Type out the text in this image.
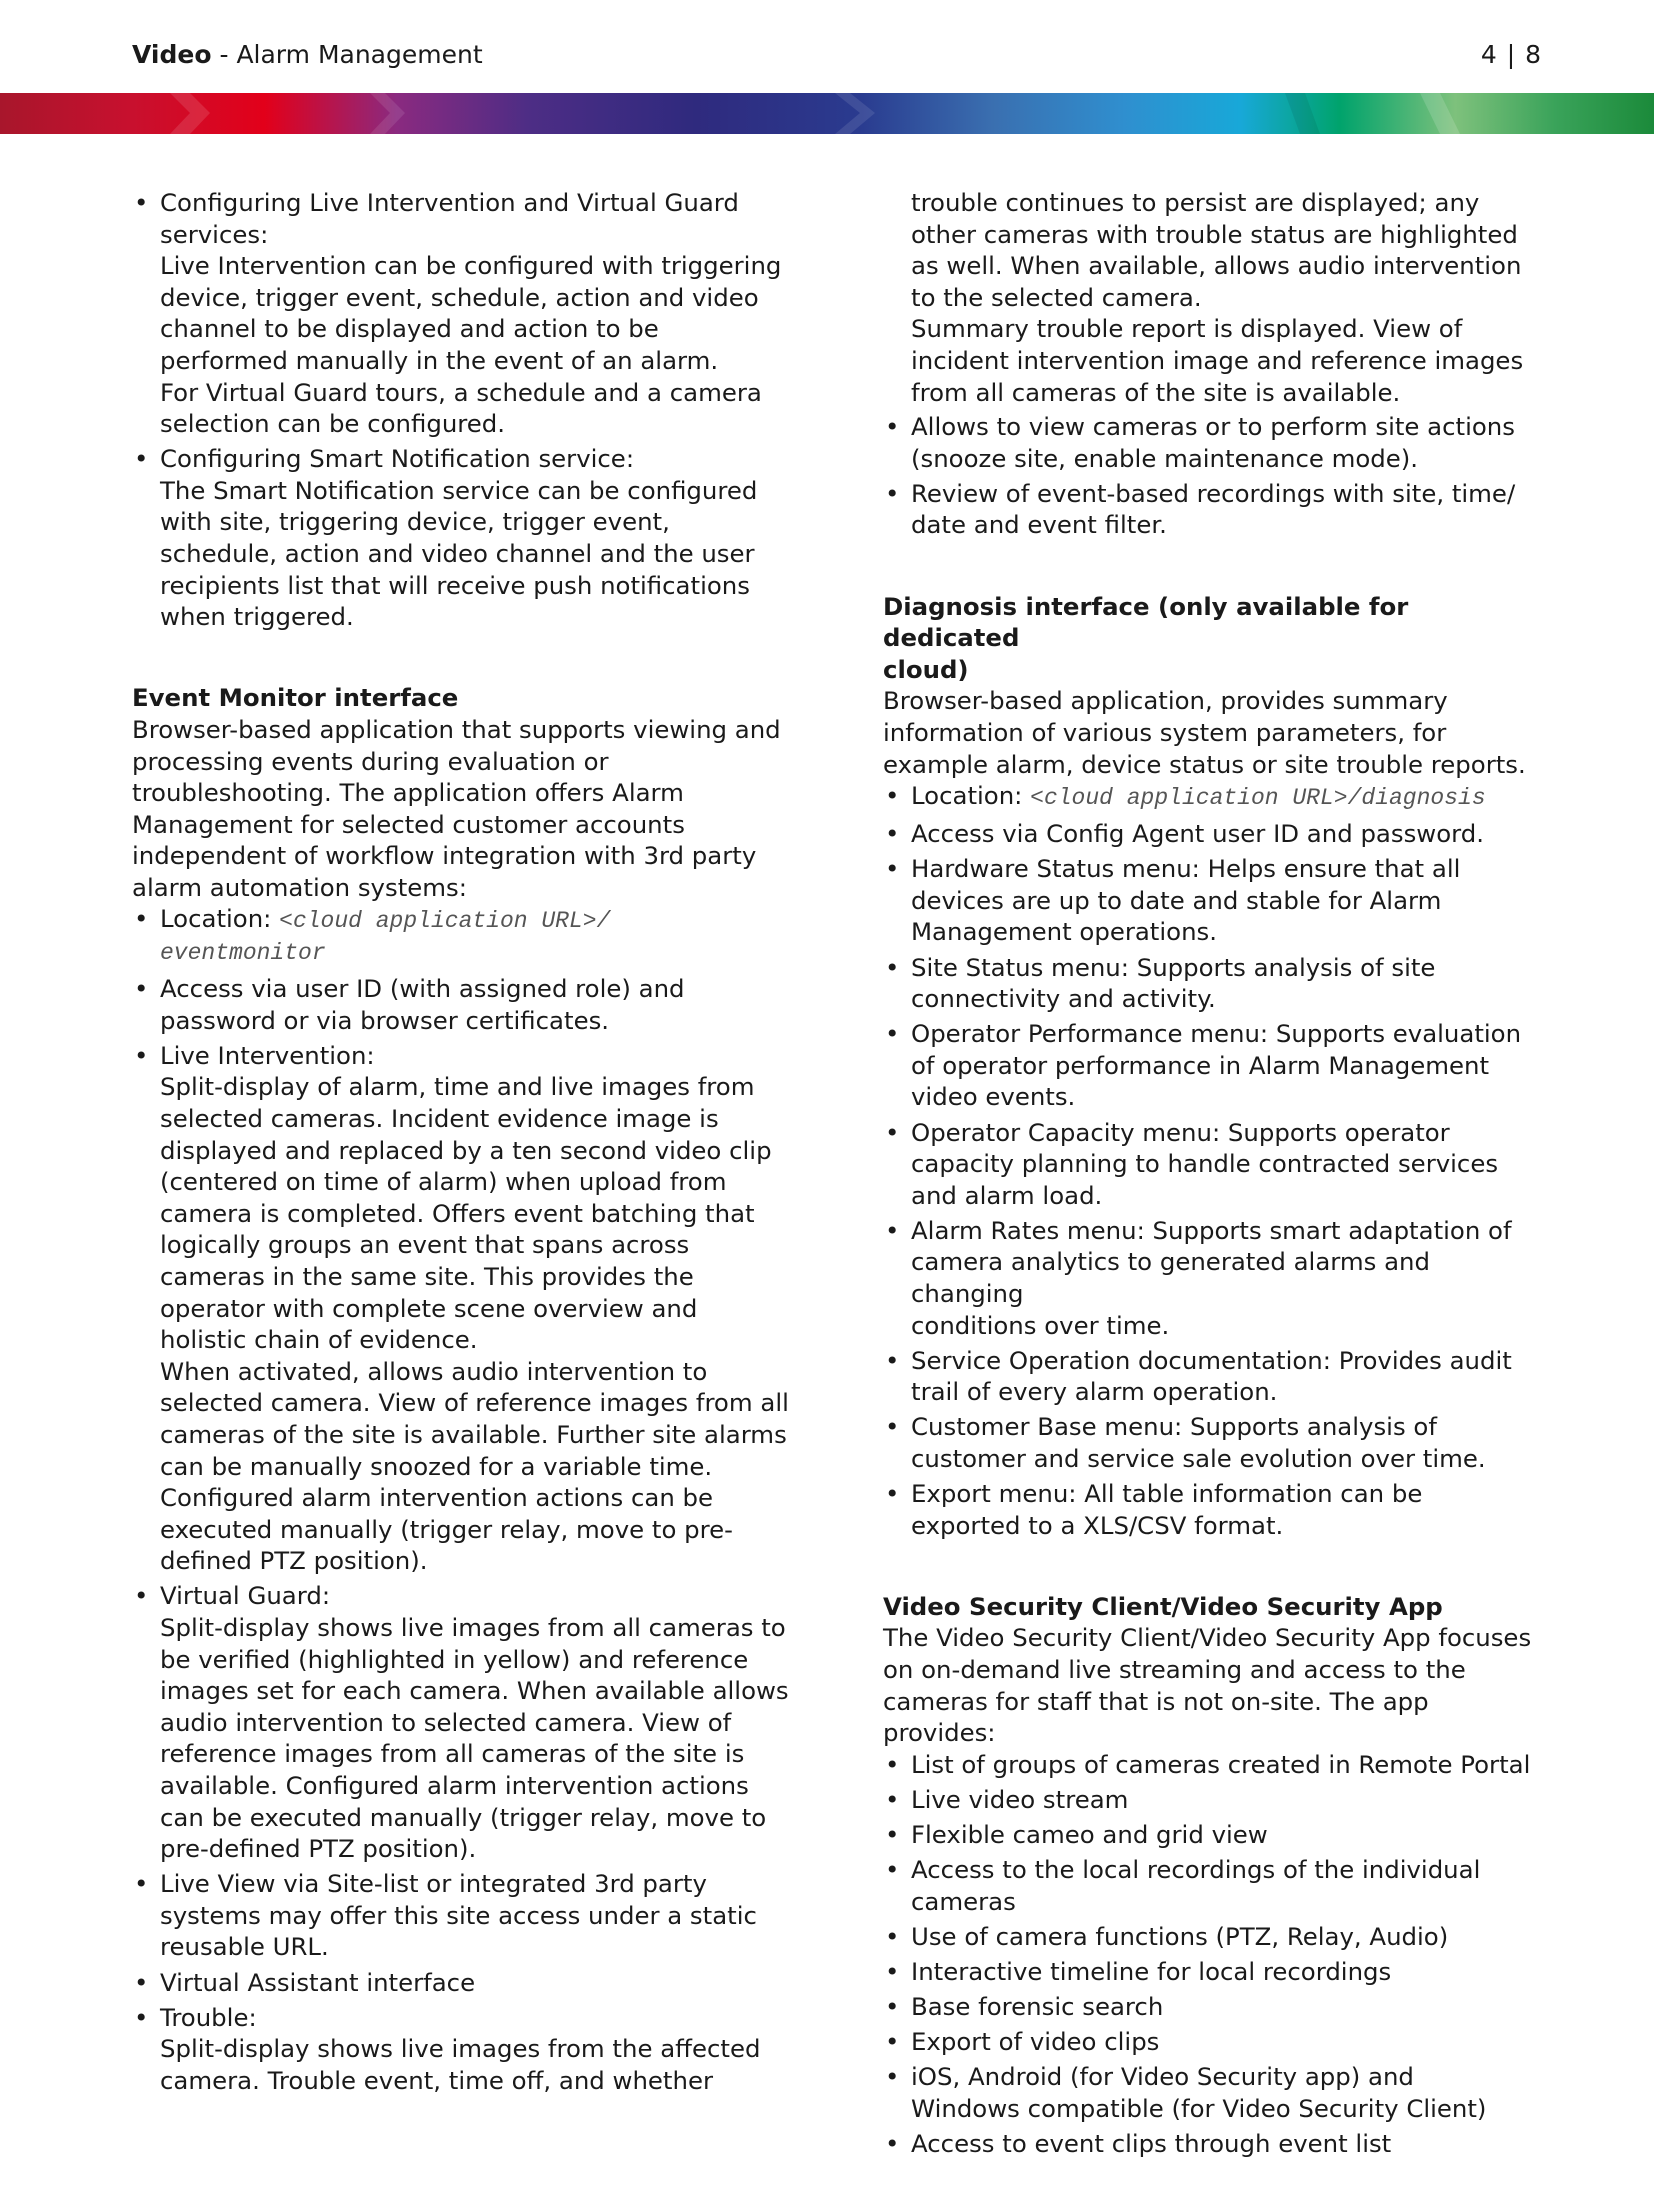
Video - Alarm Management	4 | 8
• Configuring Live Intervention and Virtual Guard
services:
Live Intervention can be configured with triggering
device, trigger event, schedule, action and video
channel to be displayed and action to be
performed manually in the event of an alarm.
For Virtual Guard tours, a schedule and a camera
selection can be configured.
• Configuring Smart Notification service:
The Smart Notification service can be configured
with site, triggering device, trigger event,
schedule, action and video channel and the user
recipients list that will receive push notifications
when triggered.

Event Monitor interface

Browser-based application that supports viewing and
processing events during evaluation or
troubleshooting. The application offers Alarm
Management for selected customer accounts
independent of workflow integration with 3rd party
alarm automation systems:

• Location: <cloud application URL>/
eventmonitor
• Access via user ID (with assigned role) and
password or via browser certificates.
• Live Intervention:
Split-display of alarm, time and live images from
selected cameras. Incident evidence image is
displayed and replaced by a ten second video clip
(centered on time of alarm) when upload from
camera is completed. Offers event batching that
logically groups an event that spans across
cameras in the same site. This provides the
operator with complete scene overview and
holistic chain of evidence.
When activated, allows audio intervention to
selected camera. View of reference images from all
cameras of the site is available. Further site alarms
can be manually snoozed for a variable time.
Configured alarm intervention actions can be
executed manually (trigger relay, move to pre-
defined PTZ position).
• Virtual Guard:
Split-display shows live images from all cameras to
be verified (highlighted in yellow) and reference
images set for each camera. When available allows
audio intervention to selected camera. View of
reference images from all cameras of the site is
available. Configured alarm intervention actions
can be executed manually (trigger relay, move to
pre-defined PTZ position).
• Live View via Site-list or integrated 3rd party
systems may offer this site access under a static
reusable URL.
• Virtual Assistant interface
• Trouble:
Split-display shows live images from the affected
camera. Trouble event, time off, and whether
trouble continues to persist are displayed; any
other cameras with trouble status are highlighted
as well. When available, allows audio intervention
to the selected camera.
Summary trouble report is displayed. View of
incident intervention image and reference images
from all cameras of the site is available.
• Allows to view cameras or to perform site actions
(snooze site, enable maintenance mode).
• Review of event-based recordings with site, time/
date and event filter.

Diagnosis interface (only available for dedicated
cloud)

Browser-based application, provides summary
information of various system parameters, for
example alarm, device status or site trouble reports.

• Location: <cloud application URL>/diagnosis
• Access via Config Agent user ID and password.
• Hardware Status menu: Helps ensure that all
devices are up to date and stable for Alarm
Management operations.
• Site Status menu: Supports analysis of site
connectivity and activity.
• Operator Performance menu: Supports evaluation
of operator performance in Alarm Management
video events.
• Operator Capacity menu: Supports operator
capacity planning to handle contracted services
and alarm load.
• Alarm Rates menu: Supports smart adaptation of
camera analytics to generated alarms and changing
conditions over time.
• Service Operation documentation: Provides audit
trail of every alarm operation.
• Customer Base menu: Supports analysis of
customer and service sale evolution over time.
• Export menu: All table information can be
exported to a XLS/CSV format.

Video Security Client/Video Security App

The Video Security Client/Video Security App focuses
on on-demand live streaming and access to the
cameras for staff that is not on-site. The app
provides:

• List of groups of cameras created in Remote Portal
• Live video stream
• Flexible cameo and grid view
• Access to the local recordings of the individual
cameras
• Use of camera functions (PTZ, Relay, Audio)
• Interactive timeline for local recordings
• Base forensic search
• Export of video clips
• iOS, Android (for Video Security app) and
Windows compatible (for Video Security Client)
• Access to event clips through event list
